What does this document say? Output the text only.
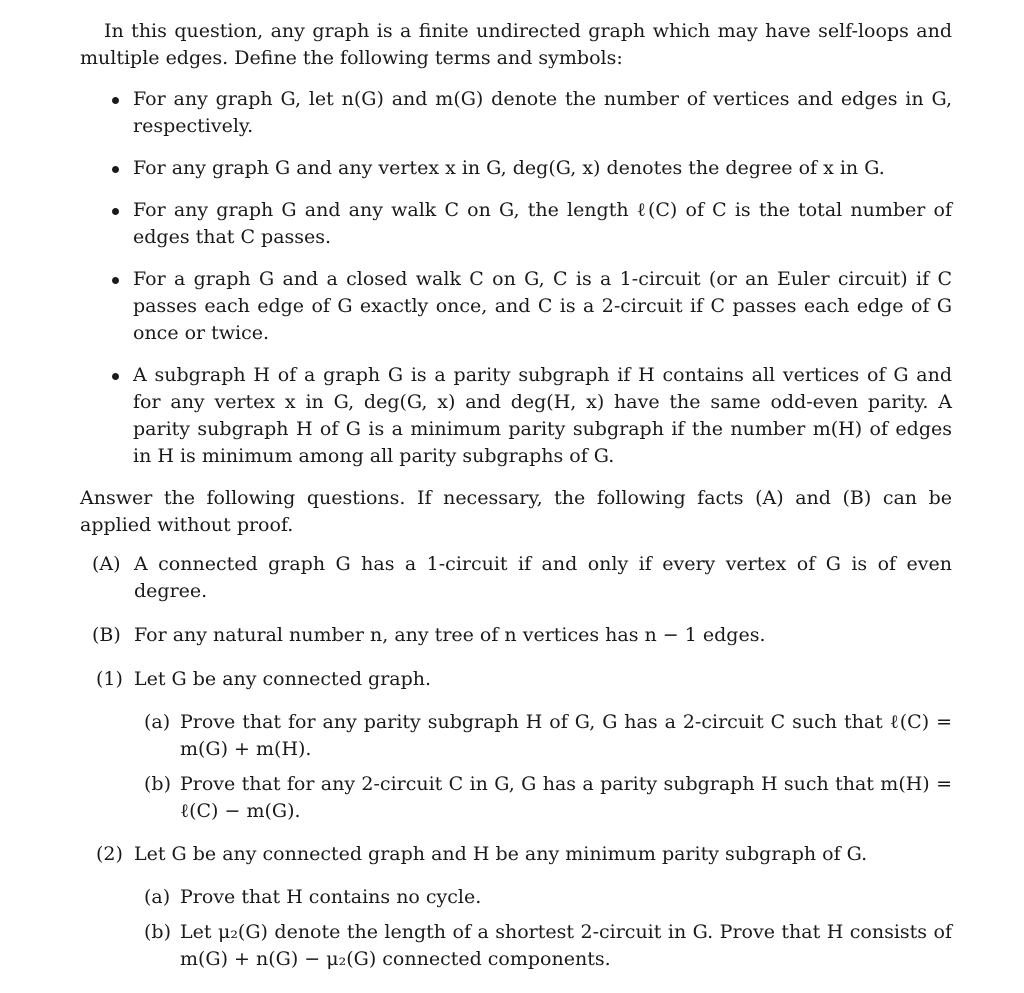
In this question, any graph is a finite undirected graph which may have self-loops and multiple edges. Define the following terms and symbols:

For any graph G, let n(G) and m(G) denote the number of vertices and edges in G, respectively.
For any graph G and any vertex x in G, deg(G, x) denotes the degree of x in G.
For any graph G and any walk C on G, the length ℓ(C) of C is the total number of edges that C passes.
For a graph G and a closed walk C on G, C is a 1-circuit (or an Euler circuit) if C passes each edge of G exactly once, and C is a 2-circuit if C passes each edge of G once or twice.
A subgraph H of a graph G is a parity subgraph if H contains all vertices of G and for any vertex x in G, deg(G, x) and deg(H, x) have the same odd-even parity. A parity subgraph H of G is a minimum parity subgraph if the number m(H) of edges in H is minimum among all parity subgraphs of G.

Answer the following questions. If necessary, the following facts (A) and (B) can be applied without proof.

(A) A connected graph G has a 1-circuit if and only if every vertex of G is of even degree.
(B) For any natural number n, any tree of n vertices has n − 1 edges.
(1) Let G be any connected graph.
(a) Prove that for any parity subgraph H of G, G has a 2-circuit C such that ℓ(C) = m(G) + m(H).
(b) Prove that for any 2-circuit C in G, G has a parity subgraph H such that m(H) = ℓ(C) − m(G).
(2) Let G be any connected graph and H be any minimum parity subgraph of G.
(a) Prove that H contains no cycle.
(b) Let μ₂(G) denote the length of a shortest 2-circuit in G. Prove that H consists of m(G) + n(G) − μ₂(G) connected components.
